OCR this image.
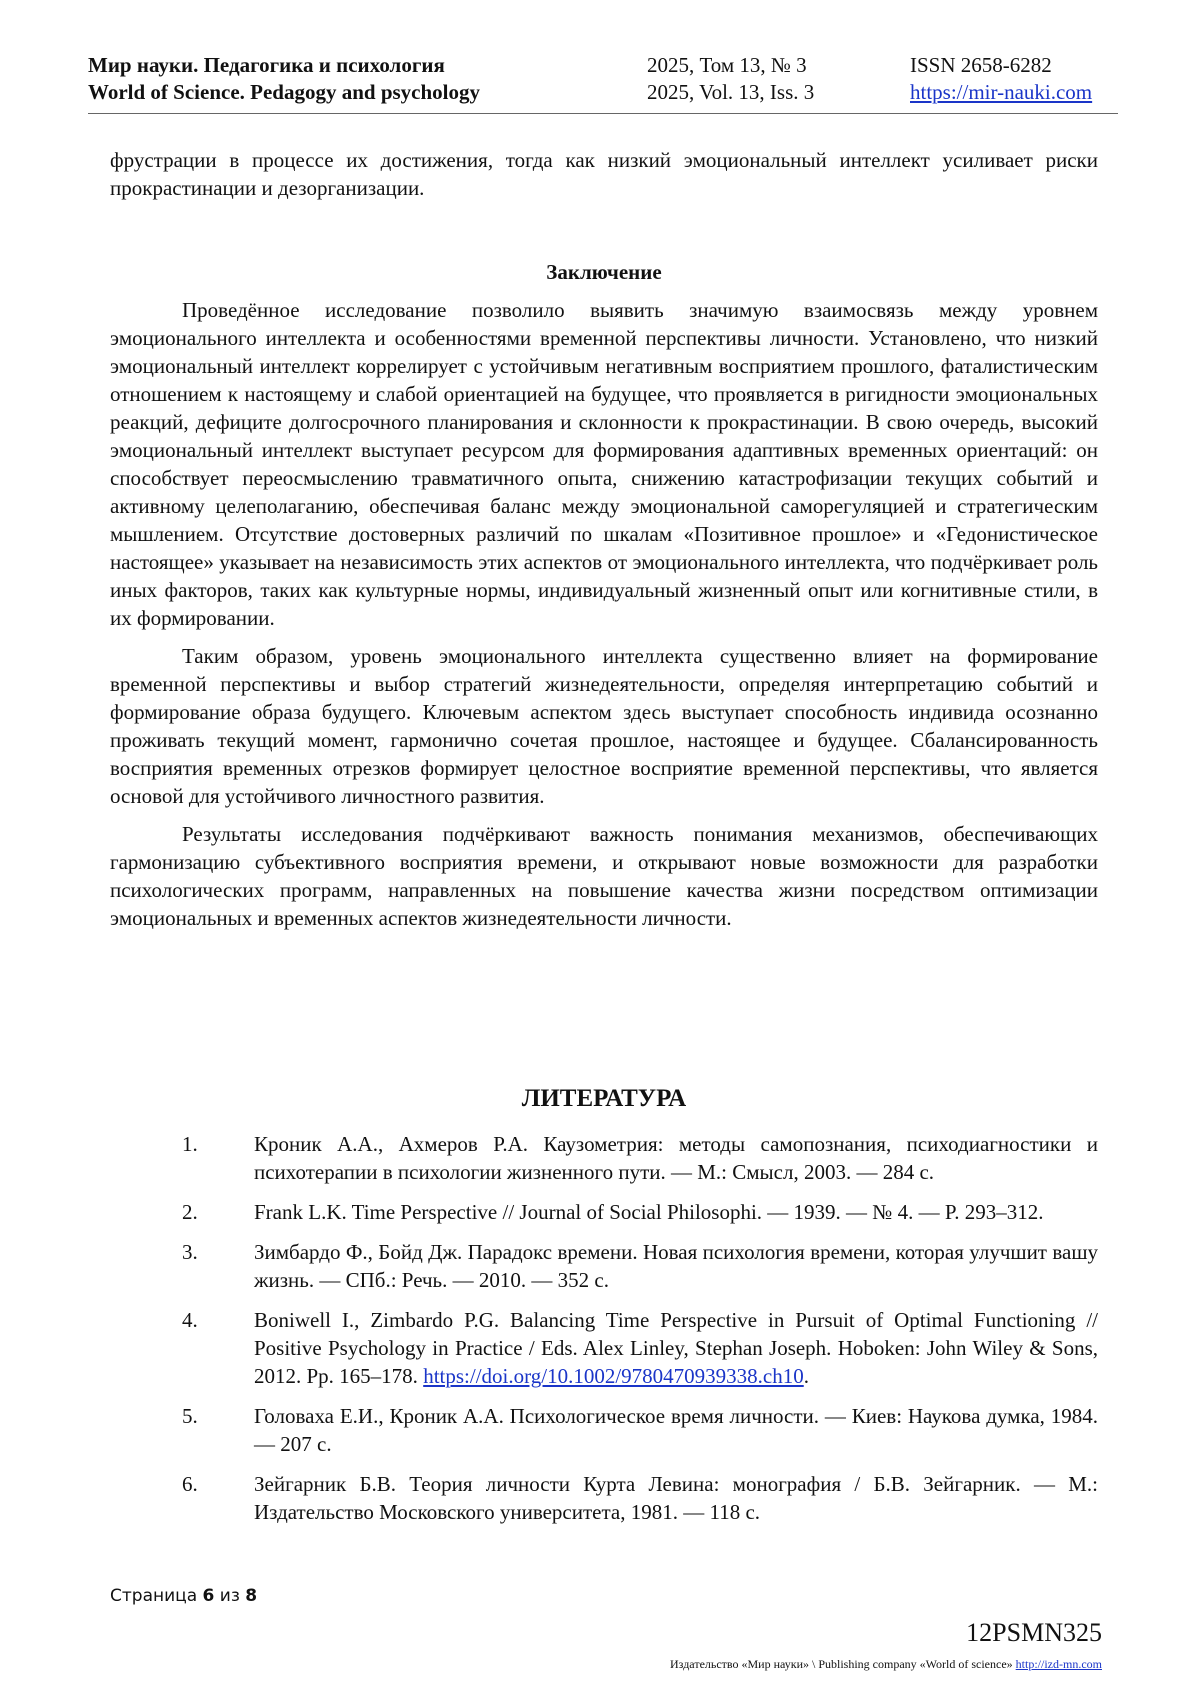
Мир науки. Педагогика и психология
World of Science. Pedagogy and psychology
2025, Том 13, № 3
2025, Vol. 13, Iss. 3
ISSN 2658-6282
https://mir-nauki.com

фрустрации в процессе их достижения, тогда как низкий эмоциональный интеллект усиливает риски прокрастинации и дезорганизации.

Заключение

Проведённое исследование позволило выявить значимую взаимосвязь между уровнем эмоционального интеллекта и особенностями временной перспективы личности. Установлено, что низкий эмоциональный интеллект коррелирует с устойчивым негативным восприятием прошлого, фаталистическим отношением к настоящему и слабой ориентацией на будущее, что проявляется в ригидности эмоциональных реакций, дефиците долгосрочного планирования и склонности к прокрастинации. В свою очередь, высокий эмоциональный интеллект выступает ресурсом для формирования адаптивных временных ориентаций: он способствует переосмыслению травматичного опыта, снижению катастрофизации текущих событий и активному целеполаганию, обеспечивая баланс между эмоциональной саморегуляцией и стратегическим мышлением. Отсутствие достоверных различий по шкалам «Позитивное прошлое» и «Гедонистическое настоящее» указывает на независимость этих аспектов от эмоционального интеллекта, что подчёркивает роль иных факторов, таких как культурные нормы, индивидуальный жизненный опыт или когнитивные стили, в их формировании.

Таким образом, уровень эмоционального интеллекта существенно влияет на формирование временной перспективы и выбор стратегий жизнедеятельности, определяя интерпретацию событий и формирование образа будущего. Ключевым аспектом здесь выступает способность индивида осознанно проживать текущий момент, гармонично сочетая прошлое, настоящее и будущее. Сбалансированность восприятия временных отрезков формирует целостное восприятие временной перспективы, что является основой для устойчивого личностного развития.

Результаты исследования подчёркивают важность понимания механизмов, обеспечивающих гармонизацию субъективного восприятия времени, и открывают новые возможности для разработки психологических программ, направленных на повышение качества жизни посредством оптимизации эмоциональных и временных аспектов жизнедеятельности личности.

ЛИТЕРАТУРА
1.	Кроник А.А., Ахмеров Р.А. Каузометрия: методы самопознания, психодиагностики и психотерапии в психологии жизненного пути. — М.: Смысл, 2003. — 284 с.
2.	Frank L.K. Time Perspective // Journal of Social Philosophi. — 1939. — № 4. — P. 293–312.
3.	Зимбардо Ф., Бойд Дж. Парадокс времени. Новая психология времени, которая улучшит вашу жизнь. — СПб.: Речь. — 2010. — 352 с.
4.	Boniwell I., Zimbardo P.G. Balancing Time Perspective in Pursuit of Optimal Functioning // Positive Psychology in Practice / Eds. Alex Linley, Stephan Joseph. Hoboken: John Wiley & Sons, 2012. Pp. 165–178. https://doi.org/10.1002/9780470939338.ch10.
5.	Головаха Е.И., Кроник А.А. Психологическое время личности. — Киев: Наукова думка, 1984. — 207 с.
6.	Зейгарник Б.В. Теория личности Курта Левина: монография / Б.В. Зейгарник. — М.: Издательство Московского университета, 1981. — 118 с.
Страница 6 из 8
12PSMN325
Издательство «Мир науки» \ Publishing company «World of science» http://izd-mn.com
